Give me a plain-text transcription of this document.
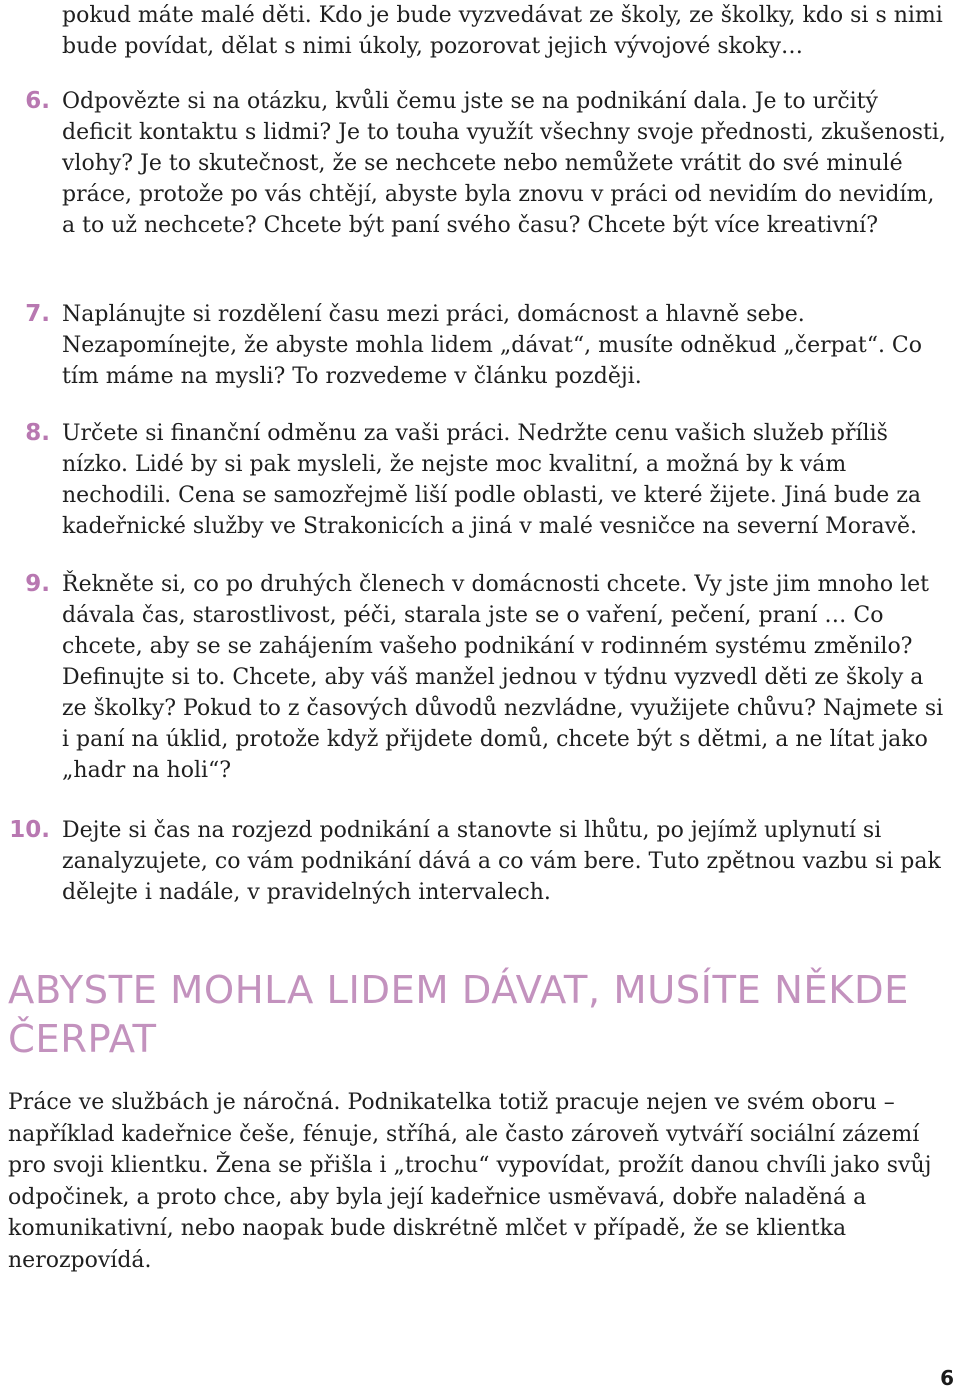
pokud máte malé děti. Kdo je bude vyzvedávat ze školy, ze školky, kdo si s nimi bude povídat, dělat s nimi úkoly, pozorovat jejich vývojové skoky…

6. Odpovězte si na otázku, kvůli čemu jste se na podnikání dala. Je to určitý deficit kontaktu s lidmi? Je to touha využít všechny svoje přednosti, zkušenosti, vlohy? Je to skutečnost, že se nechcete nebo nemůžete vrátit do své minulé práce, protože po vás chtějí, abyste byla znovu v práci od nevidím do nevidím, a to už nechcete? Chcete být paní svého času? Chcete být více kreativní?

7. Naplánujte si rozdělení času mezi práci, domácnost a hlavně sebe. Nezapomínejte, že abyste mohla lidem „dávat“, musíte odněkud „čerpat“. Co tím máme na mysli? To rozvedeme v článku později.

8. Určete si finanční odměnu za vaši práci. Nedržte cenu vašich služeb příliš nízko. Lidé by si pak mysleli, že nejste moc kvalitní, a možná by k vám nechodili. Cena se samozřejmě liší podle oblasti, ve které žijete. Jiná bude za kadeřnické služby ve Strakonicích a jiná v malé vesničce na severní Moravě.

9. Řekněte si, co po druhých členech v domácnosti chcete. Vy jste jim mnoho let dávala čas, starostlivost, péči, starala jste se o vaření, pečení, praní … Co chcete, aby se se zahájením vašeho podnikání v rodinném systému změnilo? Definujte si to. Chcete, aby váš manžel jednou v týdnu vyzvedl děti ze školy a ze školky? Pokud to z časových důvodů nezvládne, využijete chůvu? Najmete si i paní na úklid, protože když přijdete domů, chcete být s dětmi, a ne lítat jako „hadr na holi“?

10. Dejte si čas na rozjezd podnikání a stanovte si lhůtu, po jejímž uplynutí si zanalyzujete, co vám podnikání dává a co vám bere. Tuto zpětnou vazbu si pak dělejte i nadále, v pravidelných intervalech.

ABYSTE MOHLA LIDEM DÁVAT, MUSÍTE NĚKDE ČERPAT

Práce ve službách je náročná. Podnikatelka totiž pracuje nejen ve svém oboru – například kadeřnice češe, fénuje, stříhá, ale často zároveň vytváří sociální zázemí pro svoji klientku. Žena se přišla i „trochu“ vypovídat, prožít danou chvíli jako svůj odpočinek, a proto chce, aby byla její kadeřnice usměvavá, dobře naladěná a komunikativní, nebo naopak bude diskrétně mlčet v případě, že se klientka nerozpovídá.

6
